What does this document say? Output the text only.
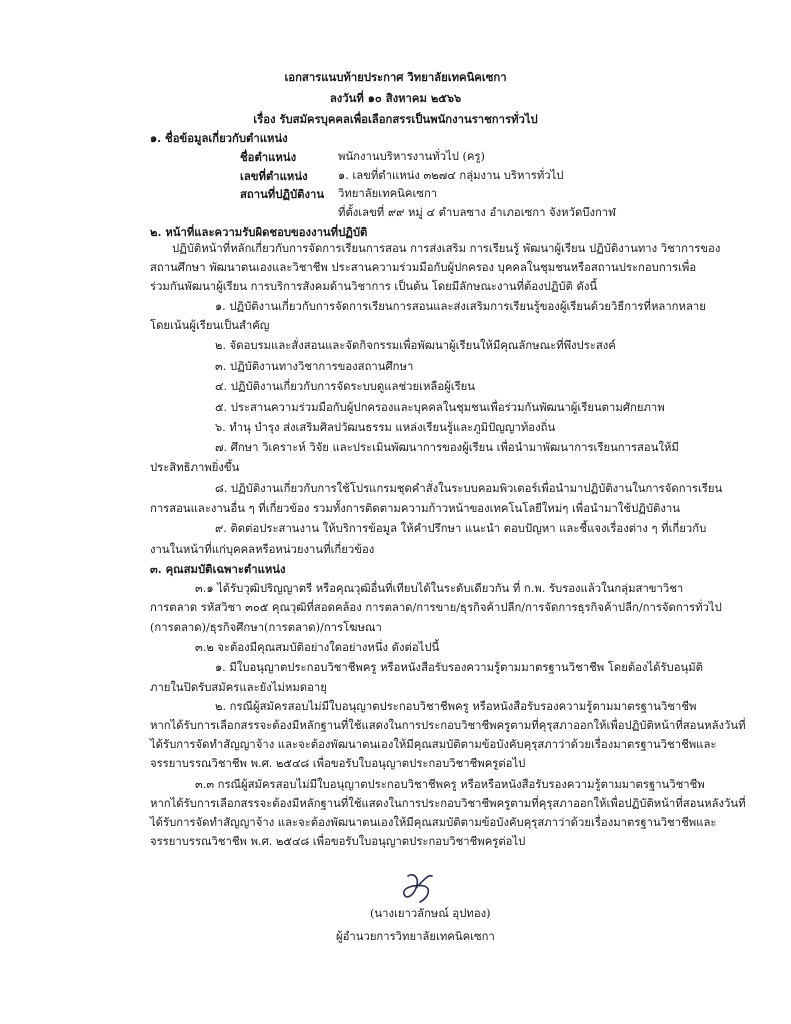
เอกสารแนบท้ายประกาศ วิทยาลัยเทคนิคเซกา
ลงวันที่ ๑๐ สิงหาคม ๒๕๖๖
เรื่อง รับสมัครบุคคลเพื่อเลือกสรรเป็นพนักงานราชการทั่วไป
๑. ชื่อข้อมูลเกี่ยวกับตำแหน่ง
ชื่อตำแหน่ง	พนักงานบริหารงานทั่วไป (ครู)
เลขที่ตำแหน่ง	๑. เลขที่ตำแหน่ง ๓๒๗๔ กลุ่มงาน บริหารทั่วไป
สถานที่ปฏิบัติงาน วิทยาลัยเทคนิคเซกา
ที่ตั้งเลขที่ ๙๙ หมู่ ๔ ตำบลซาง อำเภอเซกา จังหวัดบึงกาฬ
๒. หน้าที่และความรับผิดชอบของงานที่ปฏิบัติ
ปฏิบัติหน้าที่หลักเกี่ยวกับการจัดการเรียนการสอน การส่งเสริม การเรียนรู้ พัฒนาผู้เรียน ปฏิบัติงานทาง วิชาการของ
สถานศึกษา พัฒนาตนเองและวิชาชีพ ประสานความร่วมมือกับผู้ปกครอง บุคคลในชุมชนหรือสถานประกอบการเพื่อ
ร่วมกันพัฒนาผู้เรียน การบริการสังคมด้านวิชาการ เป็นต้น โดยมีลักษณะงานที่ต้องปฏิบัติ ดังนี้
๑. ปฏิบัติงานเกี่ยวกับการจัดการเรียนการสอนและส่งเสริมการเรียนรู้ของผู้เรียนด้วยวิธีการที่หลากหลาย
โดยเน้นผู้เรียนเป็นสำคัญ
๒. จัดอบรมและสั่งสอนและจัดกิจกรรมเพื่อพัฒนาผู้เรียนให้มีคุณลักษณะที่พึงประสงค์
๓. ปฏิบัติงานทางวิชาการของสถานศึกษา
๔. ปฏิบัติงานเกี่ยวกับการจัดระบบดูแลช่วยเหลือผู้เรียน
๕. ประสานความร่วมมือกับผู้ปกครองและบุคคลในชุมชนเพื่อร่วมกันพัฒนาผู้เรียนตามศักยภาพ
๖. ทำนุ บำรุง ส่งเสริมศิลปวัฒนธรรม แหล่งเรียนรู้และภูมิปัญญาท้องถิ่น
๗. ศึกษา วิเคราะห์ วิจัย และประเมินพัฒนาการของผู้เรียน เพื่อนำมาพัฒนาการเรียนการสอนให้มี
ประสิทธิภาพยิ่งขึ้น
๘. ปฏิบัติงานเกี่ยวกับการใช้โปรแกรมชุดคำสั่งในระบบคอมพิวเตอร์เพื่อนำมาปฏิบัติงานในการจัดการเรียน
การสอนและงานอื่น ๆ ที่เกี่ยวข้อง รวมทั้งการติดตามความก้าวหน้าของเทคโนโลยีใหม่ๆ เพื่อนำมาใช้ปฏิบัติงาน
๙. ติดต่อประสานงาน ให้บริการข้อมูล ให้คำปรึกษา แนะนำ ตอบปัญหา และชี้แจงเรื่องต่าง ๆ ที่เกี่ยวกับ
งานในหน้าที่แก่บุคคลหรือหน่วยงานที่เกี่ยวข้อง
๓. คุณสมบัติเฉพาะตำแหน่ง
๓.๑ ได้รับวุฒิปริญญาตรี หรือคุณวุฒิอื่นที่เทียบได้ในระดับเดียวกัน ที่ ก.พ. รับรองแล้วในกลุ่มสาขาวิชา
การตลาด รหัสวิชา ๓๐๕ คุณวุฒิที่สอดคล้อง การตลาด/การขาย/ธุรกิจค้าปลีก/การจัดการธุรกิจค้าปลีก/การจัดการทั่วไป
(การตลาด)/ธุรกิจศึกษา(การตลาด)/การโฆษณา
๓.๒ จะต้องมีคุณสมบัติอย่างใดอย่างหนึ่ง ดังต่อไปนี้
๑. มีใบอนุญาตประกอบวิชาชีพครู หรือหนังสือรับรองความรู้ตามมาตรฐานวิชาชีพ โดยต้องได้รับอนุมัติ
ภายในปิดรับสมัครและยังไม่หมดอายุ
๒. กรณีผู้สมัครสอบไม่มีใบอนุญาตประกอบวิชาชีพครู หรือหนังสือรับรองความรู้ตามมาตรฐานวิชาชีพ
หากได้รับการเลือกสรรจะต้องมีหลักฐานที่ใช้แสดงในการประกอบวิชาชีพครูตามที่คุรุสภาออกให้เพื่อปฏิบัติหน้าที่สอนหลังวันที่
ได้รับการจัดทำสัญญาจ้าง และจะต้องพัฒนาตนเองให้มีคุณสมบัติตามข้อบังคับคุรุสภาว่าด้วยเรื่องมาตรฐานวิชาชีพและ
จรรยาบรรณวิชาชีพ พ.ศ. ๒๕๔๘ เพื่อขอรับใบอนุญาตประกอบวิชาชีพครูต่อไป
๓.๓ กรณีผู้สมัครสอบไม่มีใบอนุญาตประกอบวิชาชีพครู หรือหรือหนังสือรับรองความรู้ตามมาตรฐานวิชาชีพ
หากได้รับการเลือกสรรจะต้องมีหลักฐานที่ใช้แสดงในการประกอบวิชาชีพครูตามที่คุรุสภาออกให้เพื่อปฏิบัติหน้าที่สอนหลังวันที่
ได้รับการจัดทำสัญญาจ้าง และจะต้องพัฒนาตนเองให้มีคุณสมบัติตามข้อบังคับคุรุสภาว่าด้วยเรื่องมาตรฐานวิชาชีพและ
จรรยาบรรณวิชาชีพ พ.ศ. ๒๕๔๘ เพื่อขอรับใบอนุญาตประกอบวิชาชีพครูต่อไป
(นางเยาวลักษณ์ อุปทอง)
ผู้อำนวยการวิทยาลัยเทคนิคเซกา
